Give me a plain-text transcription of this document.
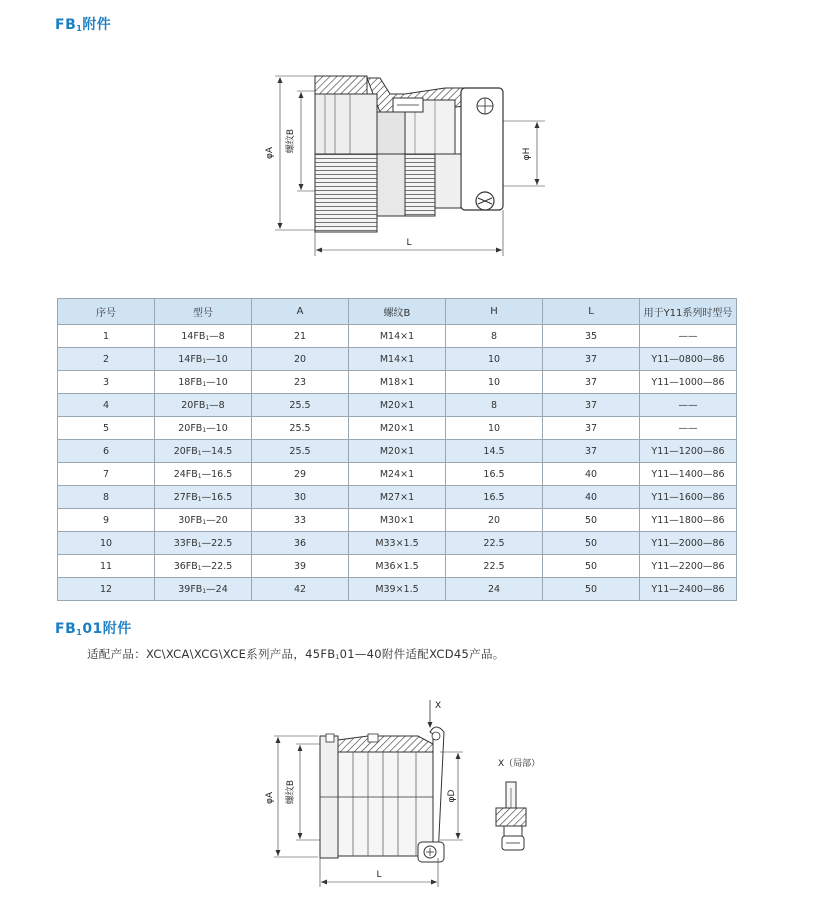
$FB_1$附件
φA 螺纹B
φH
L
序号	型号	A	螺纹B	H	L	用于Y11系列时型号
1	14FB1—8	21	M14×1	8	35	——
2	14FB1—10	20	M14×1	10	37	Y11—0800—86
3	18FB1—10	23	M18×1	10	37	Y11—1000—86
4	20FB1—8	25.5	M20×1	8	37	——
5	20FB1—10	25.5	M20×1	10	37	——
6	20FB1—14.5	25.5	M20×1	14.5	37	Y11—1200—86
7	24FB1—16.5	29	M24×1	16.5	40	Y11—1400—86
8	27FB1—16.5	30	M27×1	16.5	40	Y11—1600—86
9	30FB1—20	33	M30×1	20	50	Y11—1800—86
10	33FB1—22.5	36	M33×1.5	22.5	50	Y11—2000—86
11	36FB1—22.5	39	M36×1.5	22.5	50	Y11—2200—86
12	39FB1—24	42	M39×1.5	24	50	Y11—2400—86
$FB_101$附件
适配产品：XC\XCA\XCG\XCE系列产品，45FB101—40附件适配XCD45产品。
X
φA 螺纹B	φD
L
X（局部）
